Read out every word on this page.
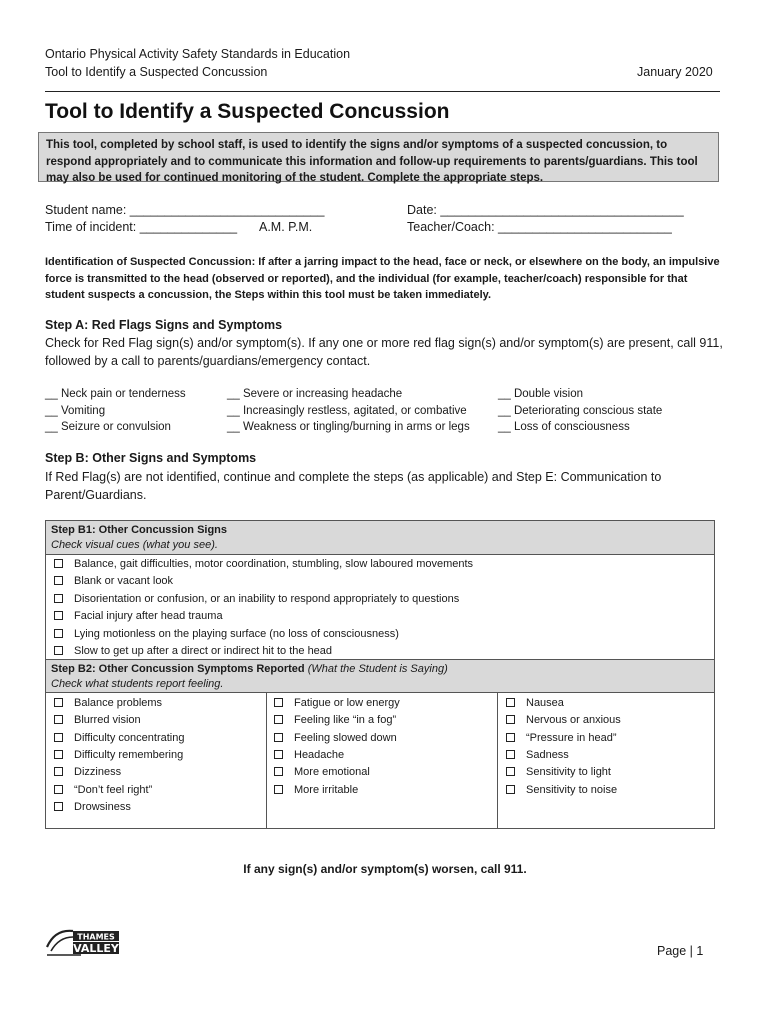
Ontario Physical Activity Safety Standards in Education
Tool to Identify a Suspected Concussion	January 2020
Tool to Identify a Suspected Concussion
This tool, completed by school staff, is used to identify the signs and/or symptoms of a suspected concussion, to respond appropriately and to communicate this information and follow-up requirements to parents/guardians. This tool may also be used for continued monitoring of the student. Complete the appropriate steps.
Student name: ____________________________
Time of incident: ______________ A.M. P.M.
Date: ___________________________________
Teacher/Coach: _________________________
Identification of Suspected Concussion: If after a jarring impact to the head, face or neck, or elsewhere on the body, an impulsive force is transmitted to the head (observed or reported), and the individual (for example, teacher/coach) responsible for that student suspects a concussion, the Steps within this tool must be taken immediately.
Step A: Red Flags Signs and Symptoms
Check for Red Flag sign(s) and/or symptom(s). If any one or more red flag sign(s) and/or symptom(s) are present, call 911, followed by a call to parents/guardians/emergency contact.
__ Neck pain or tenderness
__ Vomiting
__ Seizure or convulsion
__ Severe or increasing headache
__ Increasingly restless, agitated, or combative
__ Weakness or tingling/burning in arms or legs
__ Double vision
__ Deteriorating conscious state
__ Loss of consciousness
Step B: Other Signs and Symptoms
If Red Flag(s) are not identified, continue and complete the steps (as applicable) and Step E: Communication to Parent/Guardians.
Step B1: Other Concussion Signs
Check visual cues (what you see).
Balance, gait difficulties, motor coordination, stumbling, slow laboured movements
Blank or vacant look
Disorientation or confusion, or an inability to respond appropriately to questions
Facial injury after head trauma
Lying motionless on the playing surface (no loss of consciousness)
Slow to get up after a direct or indirect hit to the head
Step B2: Other Concussion Symptoms Reported (What the Student is Saying)
Check what students report feeling.
Balance problems
Blurred vision
Difficulty concentrating
Difficulty remembering
Dizziness
“Don’t feel right”
Drowsiness
Fatigue or low energy
Feeling like “in a fog”
Feeling slowed down
Headache
More emotional
More irritable
Nausea
Nervous or anxious
“Pressure in head”
Sadness
Sensitivity to light
Sensitivity to noise
If any sign(s) and/or symptom(s) worsen, call 911.
THAMES
VALLEY	Page | 1
